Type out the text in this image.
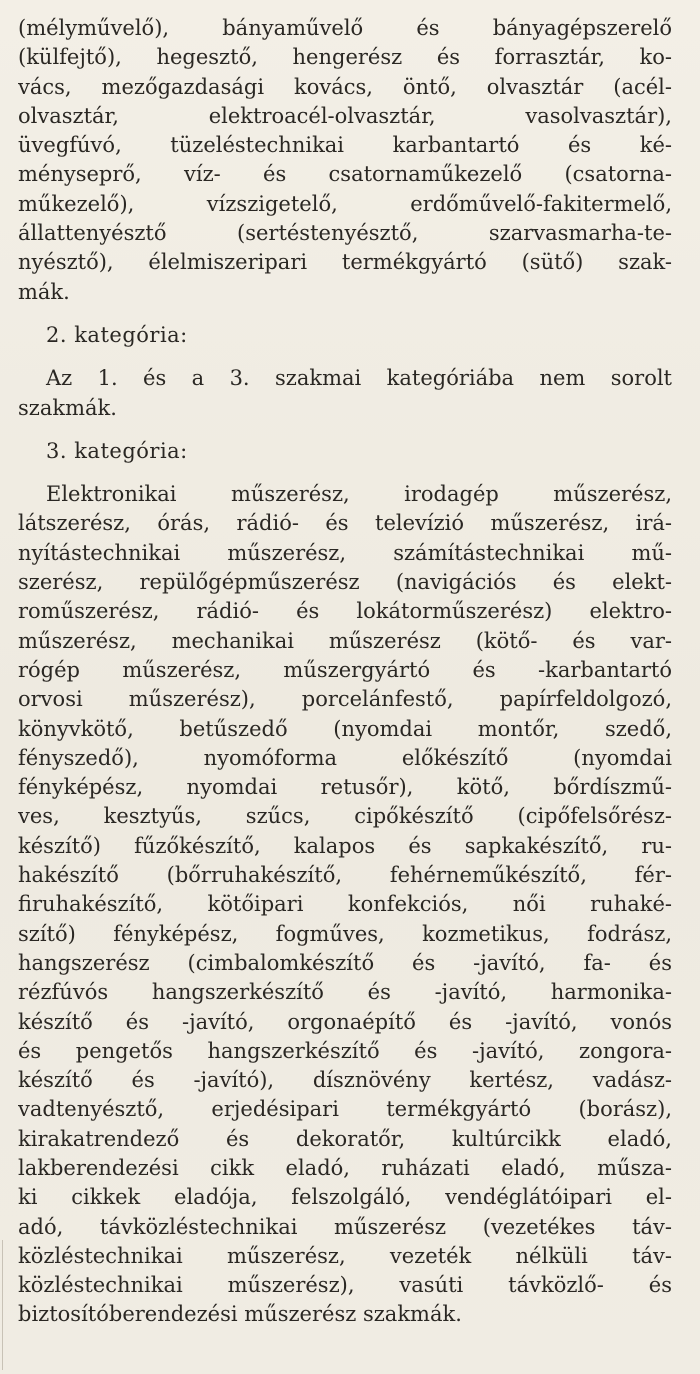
(mélyművelő), bányaművelő és bányagépszerelő
(külfejtő), hegesztő, hengerész és forrasztár, ko-
vács, mezőgazdasági kovács, öntő, olvasztár (acél-
olvasztár, elektroacél-olvasztár, vasolvasztár),
üvegfúvó, tüzeléstechnikai karbantartó és ké-
ményseprő, víz- és csatornaműkezelő (csatorna-
műkezelő), vízszigetelő, erdőművelő-fakitermelő,
állattenyésztő (sertéstenyésztő, szarvasmarha-te-
nyésztő), élelmiszeripari termékgyártó (sütő) szak-
mák.
2. kategória:
Az 1. és a 3. szakmai kategóriába nem sorolt
szakmák.
3. kategória:
Elektronikai műszerész, irodagép műszerész,
látszerész, órás, rádió- és televízió műszerész, irá-
nyítástechnikai műszerész, számítástechnikai mű-
szerész, repülőgépműszerész (navigációs és elekt-
roműszerész, rádió- és lokátorműszerész) elektro-
műszerész, mechanikai műszerész (kötő- és var-
rógép műszerész, műszergyártó és -karbantartó
orvosi műszerész), porcelánfestő, papírfeldolgozó,
könyvkötő, betűszedő (nyomdai montőr, szedő,
fényszedő), nyomóforma előkészítő (nyomdai
fényképész, nyomdai retusőr), kötő, bőrdíszmű-
ves, kesztyűs, szűcs, cipőkészítő (cipőfelsőrész-
készítő) fűzőkészítő, kalapos és sapkakészítő, ru-
hakészítő (bőrruhakészítő, fehérneműkészítő, fér-
firuhakészítő, kötőipari konfekciós, női ruhaké-
szítő) fényképész, fogműves, kozmetikus, fodrász,
hangszerész (cimbalomkészítő és -javító, fa- és
rézfúvós hangszerkészítő és -javító, harmonika-
készítő és -javító, orgonaépítő és -javító, vonós
és pengetős hangszerkészítő és -javító, zongora-
készítő és -javító), dísznövény kertész, vadász-
vadtenyésztő, erjedésipari termékgyártó (borász),
kirakatrendező és dekoratőr, kultúrcikk eladó,
lakberendezési cikk eladó, ruházati eladó, műsza-
ki cikkek eladója, felszolgáló, vendéglátóipari el-
adó, távközléstechnikai műszerész (vezetékes táv-
közléstechnikai műszerész, vezeték nélküli táv-
közléstechnikai műszerész), vasúti távközlő- és
biztosítóberendezési műszerész szakmák.
